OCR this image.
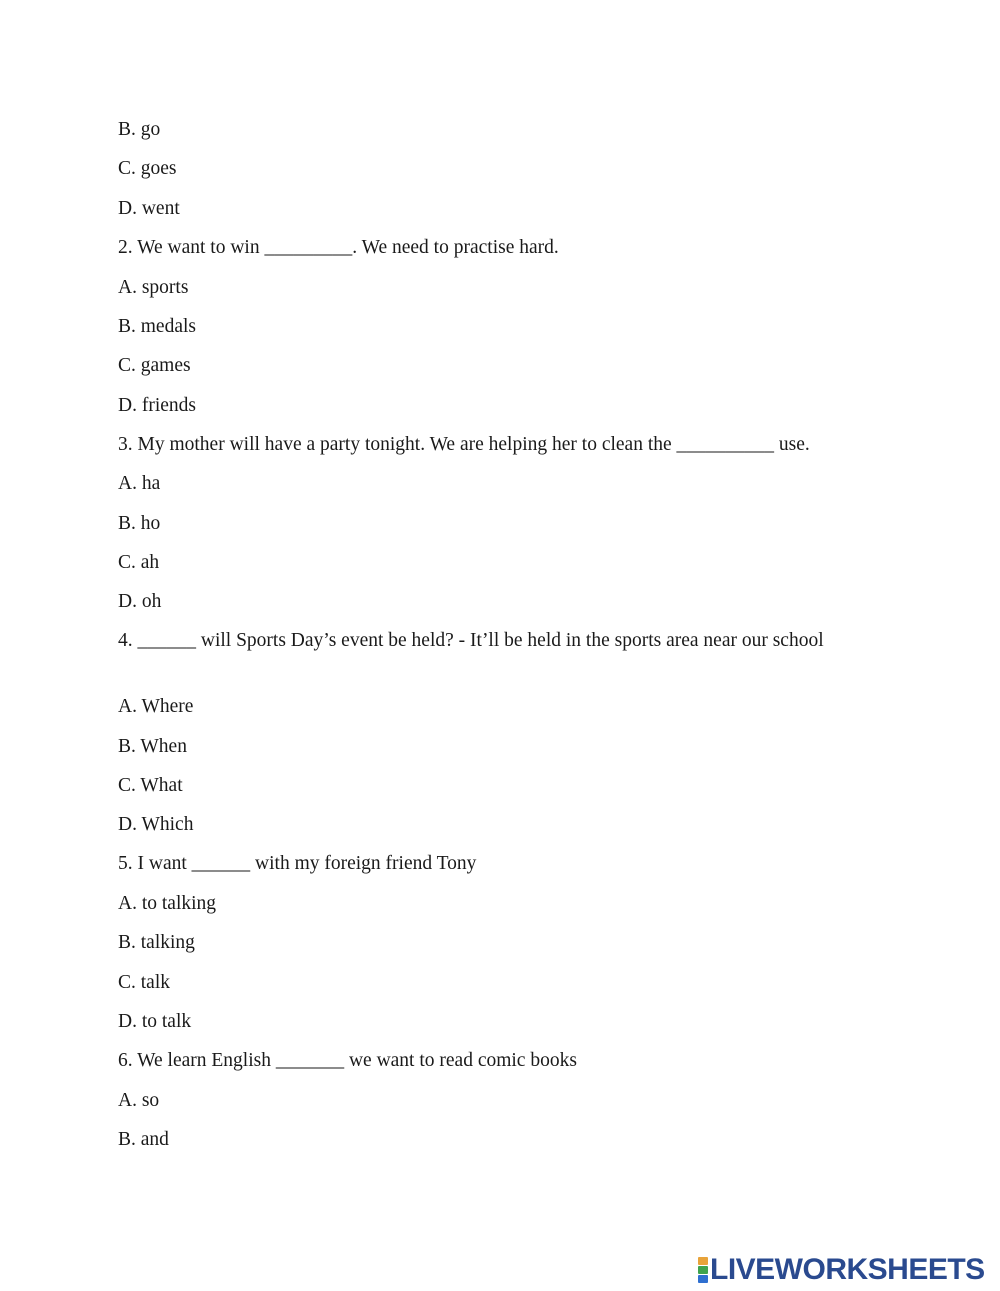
B. go
C. goes
D. went
2. We want to win _________. We need to practise hard.
A. sports
B. medals
C. games
D. friends
3. My mother will have a party tonight. We are helping her to clean the __________ use.
A. ha
B. ho
C. ah
D. oh
4. ______ will Sports Day’s event be held? - It’ll be held in the sports area near our school
A. Where
B. When
C. What
D. Which
5. I want ______ with my foreign friend Tony
A. to talking
B. talking
C. talk
D. to talk
6. We learn English _______ we want to read comic books
A. so
B. and
LIVEWORKSHEETS
